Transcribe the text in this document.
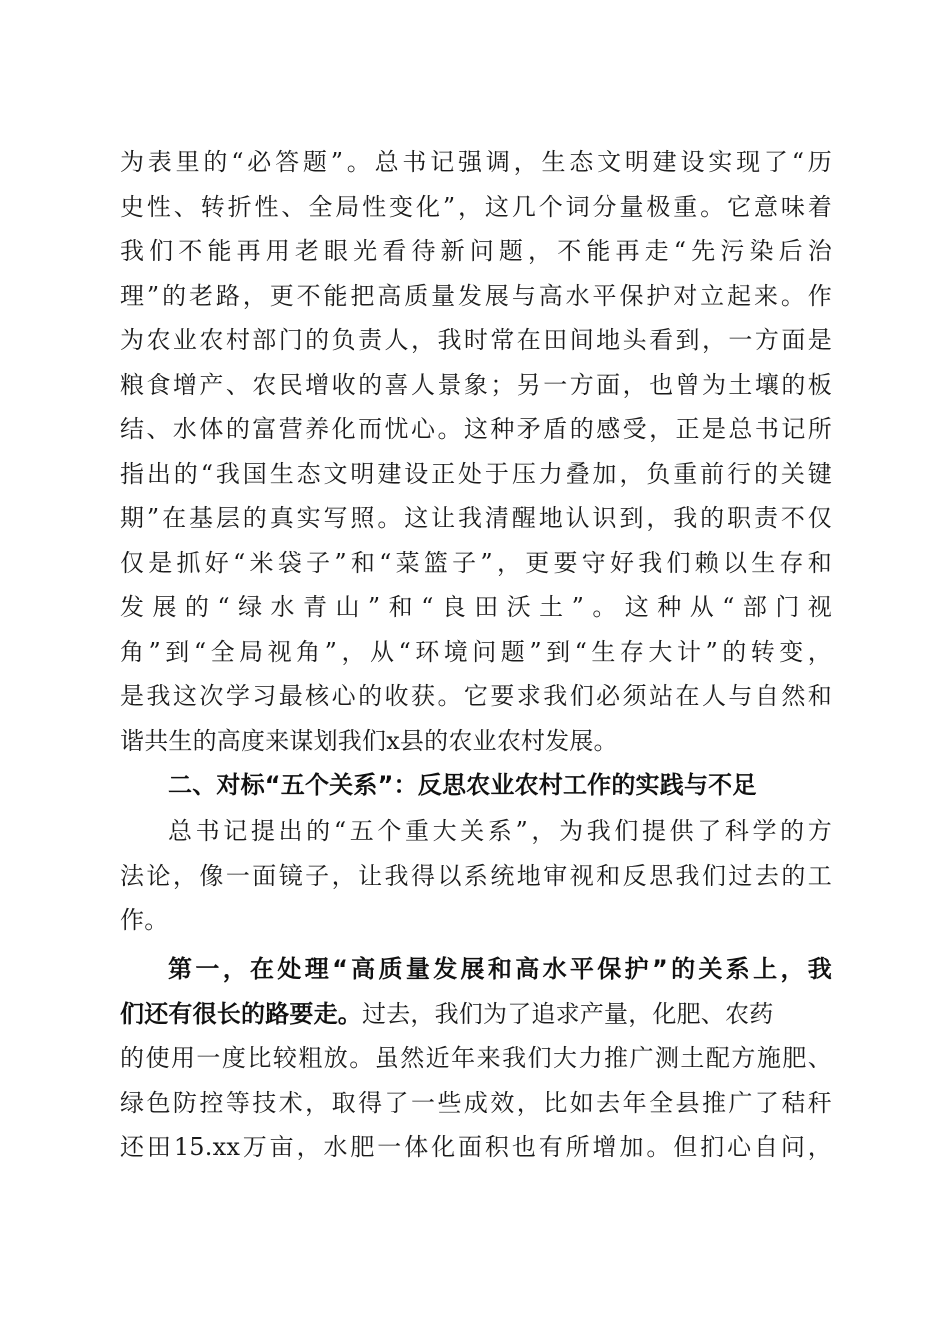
为表里的“必答题”。总书记强调，生态文明建设实现了“历
史性、转折性、全局性变化”，这几个词分量极重。它意味着
我们不能再用老眼光看待新问题，不能再走“先污染后治
理”的老路，更不能把高质量发展与高水平保护对立起来。作
为农业农村部门的负责人，我时常在田间地头看到，一方面是
粮食增产、农民增收的喜人景象；另一方面，也曾为土壤的板
结、水体的富营养化而忧心。这种矛盾的感受，正是总书记所
指出的“我国生态文明建设正处于压力叠加，负重前行的关键
期”在基层的真实写照。这让我清醒地认识到，我的职责不仅
仅是抓好“米袋子”和“菜篮子”，更要守好我们赖以生存和
发展的“绿水青山”和“良田沃土”。这种从“部门视
角”到“全局视角”，从“环境问题”到“生存大计”的转变，
是我这次学习最核心的收获。它要求我们必须站在人与自然和
谐共生的高度来谋划我们x县的农业农村发展。
二、对标“五个关系”：反思农业农村工作的实践与不足
总书记提出的“五个重大关系”，为我们提供了科学的方
法论，像一面镜子，让我得以系统地审视和反思我们过去的工
作。
第一，在处理“高质量发展和高水平保护”的关系上，我
们还有很长的路要走。过去，我们为了追求产量，化肥、农药
的使用一度比较粗放。虽然近年来我们大力推广测土配方施肥、
绿色防控等技术，取得了一些成效，比如去年全县推广了秸秆
还田15.xx万亩，水肥一体化面积也有所增加。但扪心自问，
